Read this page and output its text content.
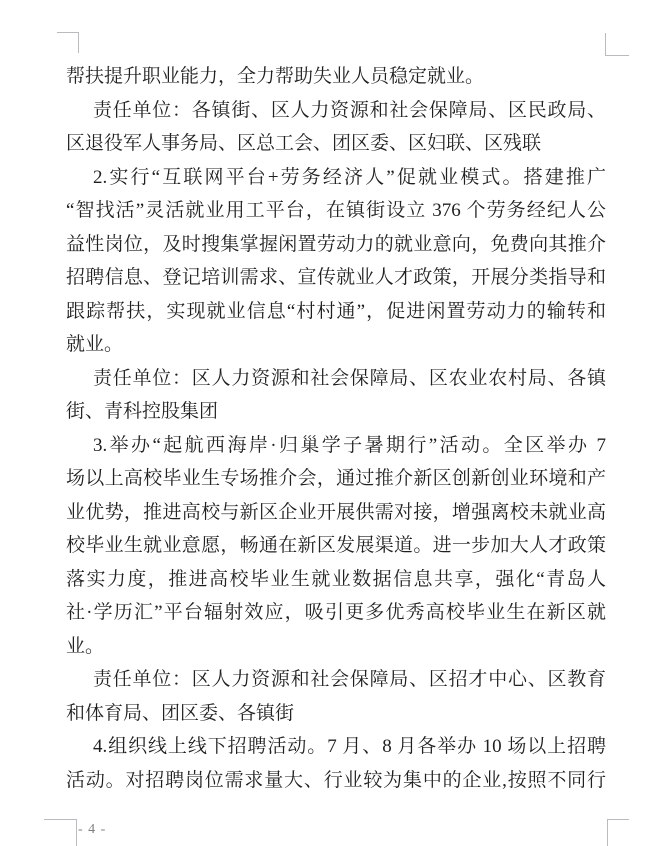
帮扶提升职业能力，全力帮助失业人员稳定就业。
责任单位：各镇街、区人力资源和社会保障局、区民政局、
区退役军人事务局、区总工会、团区委、区妇联、区残联
2.实行“互联网平台+劳务经济人”促就业模式。搭建推广
“智找活”灵活就业用工平台，在镇街设立 376 个劳务经纪人公
益性岗位，及时搜集掌握闲置劳动力的就业意向，免费向其推介
招聘信息、登记培训需求、宣传就业人才政策，开展分类指导和
跟踪帮扶，实现就业信息“村村通”，促进闲置劳动力的输转和
就业。
责任单位：区人力资源和社会保障局、区农业农村局、各镇
街、青科控股集团
3.举办“起航西海岸·归巢学子暑期行”活动。全区举办 7
场以上高校毕业生专场推介会，通过推介新区创新创业环境和产
业优势，推进高校与新区企业开展供需对接，增强离校未就业高
校毕业生就业意愿，畅通在新区发展渠道。进一步加大人才政策
落实力度，推进高校毕业生就业数据信息共享，强化“青岛人
社·学历汇”平台辐射效应，吸引更多优秀高校毕业生在新区就
业。
责任单位：区人力资源和社会保障局、区招才中心、区教育
和体育局、团区委、各镇街
4.组织线上线下招聘活动。7 月、8 月各举办 10 场以上招聘
活动。对招聘岗位需求量大、行业较为集中的企业,按照不同行
- 4 -
